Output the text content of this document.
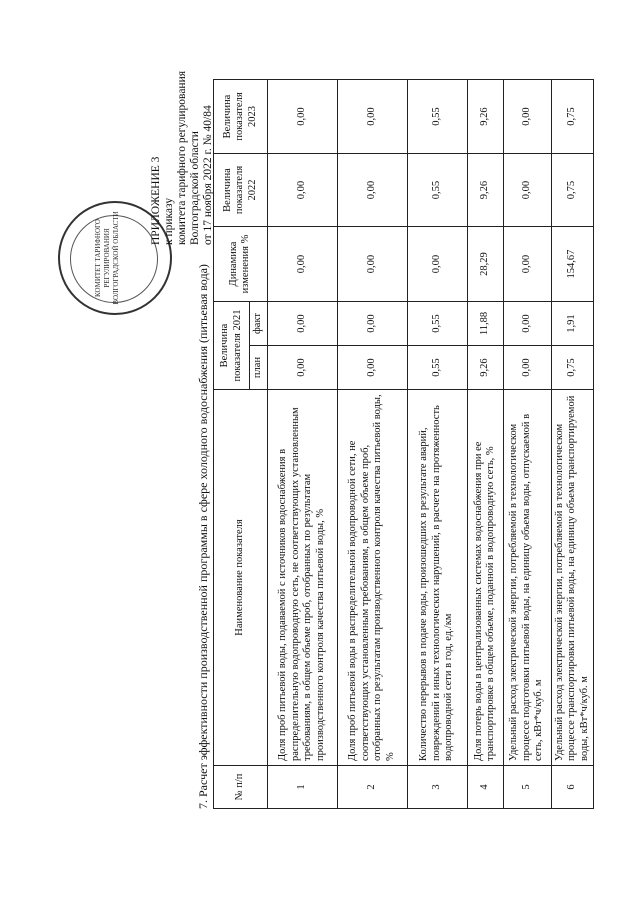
КОМИТЕТ ТАРИФНОГО РЕГУЛИРОВАНИЯ ВОЛГОГРАДСКОЙ ОБЛАСТИ
ПРИЛОЖЕНИЕ 3 к приказу комитета тарифного регулирования Волгоградской области от 17 ноября 2022 г. № 40/84
7. Расчет эффективности производственной программы в сфере холодного водоснабжения (питьевая вода) № п/п	Наименование показателя	Величина показателя 2021		Динамика изменения %	Величина показателя 2022	Величина показателя 2023
		план	факт			
1	Доля проб питьевой воды, подаваемой с источников водоснабжения в распределительную водопроводную сеть, не соответствующих установленным требованиям, в общем объеме проб, отобранных по результатам производственного контроля качества питьевой воды, %	0,00	0,00	0,00	0,00	0,00
2	Доля проб питьевой воды в распределительной водопроводной сети, не соответствующих установленным требованиям, в общем объеме проб, отобранных по результатам производственного контроля качества питьевой воды, %	0,00	0,00	0,00	0,00	0,00
3	Количество перерывов в подаче воды, произошедших в результате аварий, повреждений и иных технологических нарушений, в расчете на протяженность водопроводной сети в год, ед./км	0,55	0,55	0,00	0,55	0,55
4	Доля потерь воды в централизованных системах водоснабжения при ее транспортировке в общем объеме, поданной в водопроводную сеть, %	9,26	11,88	28,29	9,26	9,26
5	Удельный расход электрической энергии, потребляемой в технологическом процессе подготовки питьевой воды, на единицу объема воды, отпускаемой в сеть, кВт*ч/куб. м	0,00	0,00	0,00	0,00	0,00
6	Удельный расход электрической энергии, потребляемой в технологическом процессе транспортировки питьевой воды, на единицу объема транспортируемой воды, кВт*ч/куб. м	0,75	1,91	154,67	0,75	0,75
